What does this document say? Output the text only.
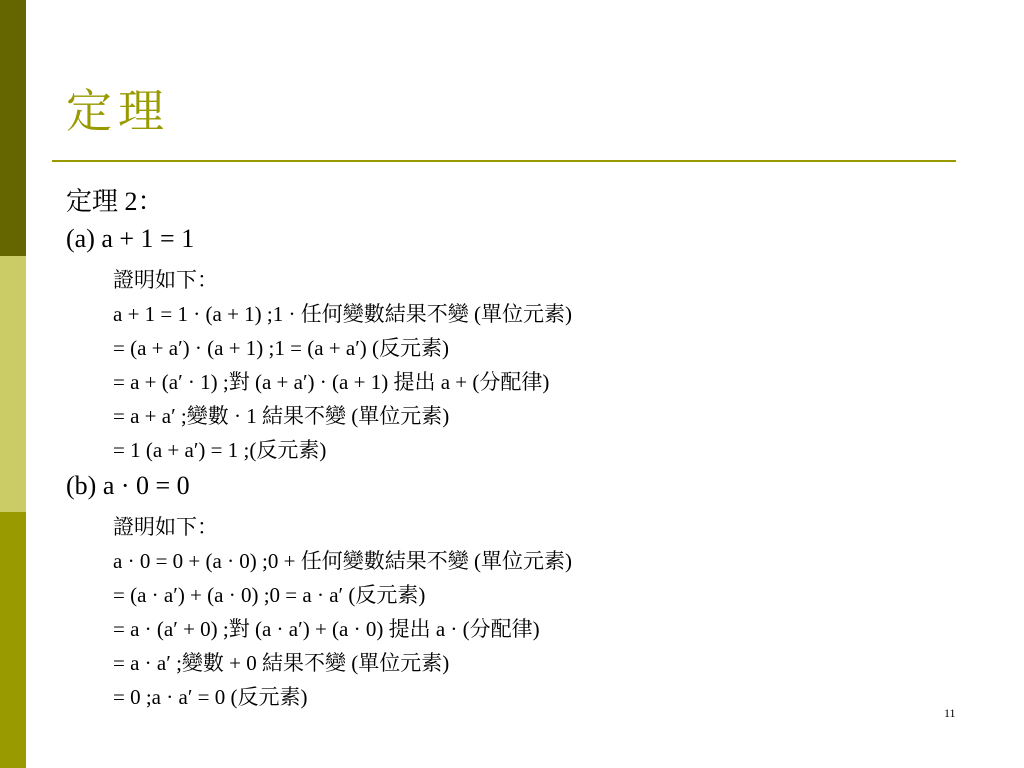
定理
定理 2：
(a) a + 1 = 1
證明如下：
a + 1 = 1 · (a + 1) ;1 · 任何變數結果不變 (單位元素)
= (a + a′) · (a + 1) ;1 = (a + a′) (反元素)
= a + (a′ · 1) ;對 (a + a′) · (a + 1) 提出 a + (分配律)
= a + a′ ;變數 · 1 結果不變 (單位元素)
= 1 (a + a′) = 1 ;(反元素)
(b) a · 0 = 0
證明如下：
a · 0 = 0 + (a · 0) ;0 + 任何變數結果不變 (單位元素)
= (a · a′) + (a · 0) ;0 = a · a′ (反元素)
= a · (a′ + 0) ;對 (a · a′) + (a · 0) 提出 a · (分配律)
= a · a′ ;變數 + 0 結果不變 (單位元素)
= 0 ;a · a′ = 0 (反元素)
11
